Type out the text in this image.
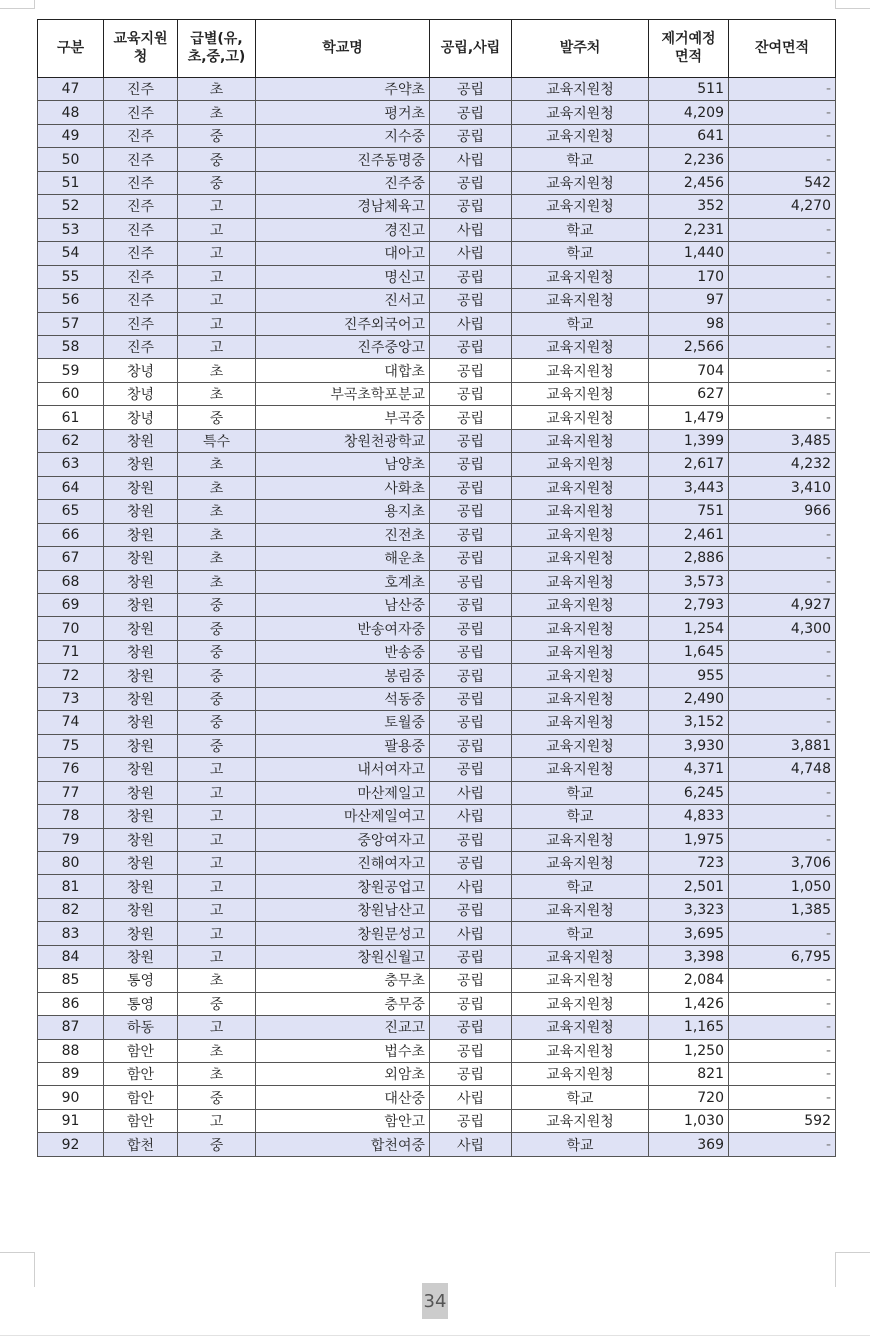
구분	교육지원청	급별(유,초,중,고)	학교명	공립,사립	발주처	제거예정 면적	잔여면적
47	진주	초	주약초	공립	교육지원청	511	-
48	진주	초	평거초	공립	교육지원청	4,209	-
49	진주	중	지수중	공립	교육지원청	641	-
50	진주	중	진주동명중	사립	학교	2,236	-
51	진주	중	진주중	공립	교육지원청	2,456	542
52	진주	고	경남체육고	공립	교육지원청	352	4,270
53	진주	고	경진고	사립	학교	2,231	-
54	진주	고	대아고	사립	학교	1,440	-
55	진주	고	명신고	공립	교육지원청	170	-
56	진주	고	진서고	공립	교육지원청	97	-
57	진주	고	진주외국어고	사립	학교	98	-
58	진주	고	진주중앙고	공립	교육지원청	2,566	-
59	창녕	초	대합초	공립	교육지원청	704	-
60	창녕	초	부곡초학포분교	공립	교육지원청	627	-
61	창녕	중	부곡중	공립	교육지원청	1,479	-
62	창원	특수	창원천광학교	공립	교육지원청	1,399	3,485
63	창원	초	남양초	공립	교육지원청	2,617	4,232
64	창원	초	사화초	공립	교육지원청	3,443	3,410
65	창원	초	용지초	공립	교육지원청	751	966
66	창원	초	진전초	공립	교육지원청	2,461	-
67	창원	초	해운초	공립	교육지원청	2,886	-
68	창원	초	호계초	공립	교육지원청	3,573	-
69	창원	중	남산중	공립	교육지원청	2,793	4,927
70	창원	중	반송여자중	공립	교육지원청	1,254	4,300
71	창원	중	반송중	공립	교육지원청	1,645	-
72	창원	중	봉림중	공립	교육지원청	955	-
73	창원	중	석동중	공립	교육지원청	2,490	-
74	창원	중	토월중	공립	교육지원청	3,152	-
75	창원	중	팔용중	공립	교육지원청	3,930	3,881
76	창원	고	내서여자고	공립	교육지원청	4,371	4,748
77	창원	고	마산제일고	사립	학교	6,245	-
78	창원	고	마산제일여고	사립	학교	4,833	-
79	창원	고	중앙여자고	공립	교육지원청	1,975	-
80	창원	고	진해여자고	공립	교육지원청	723	3,706
81	창원	고	창원공업고	사립	학교	2,501	1,050
82	창원	고	창원남산고	공립	교육지원청	3,323	1,385
83	창원	고	창원문성고	사립	학교	3,695	-
84	창원	고	창원신월고	공립	교육지원청	3,398	6,795
85	통영	초	충무초	공립	교육지원청	2,084	-
86	통영	중	충무중	공립	교육지원청	1,426	-
87	하동	고	진교고	공립	교육지원청	1,165	-
88	함안	초	법수초	공립	교육지원청	1,250	-
89	함안	초	외암초	공립	교육지원청	821	-
90	함안	중	대산중	사립	학교	720	-
91	함안	고	함안고	공립	교육지원청	1,030	592
92	합천	중	합천여중	사립	학교	369	-
34
